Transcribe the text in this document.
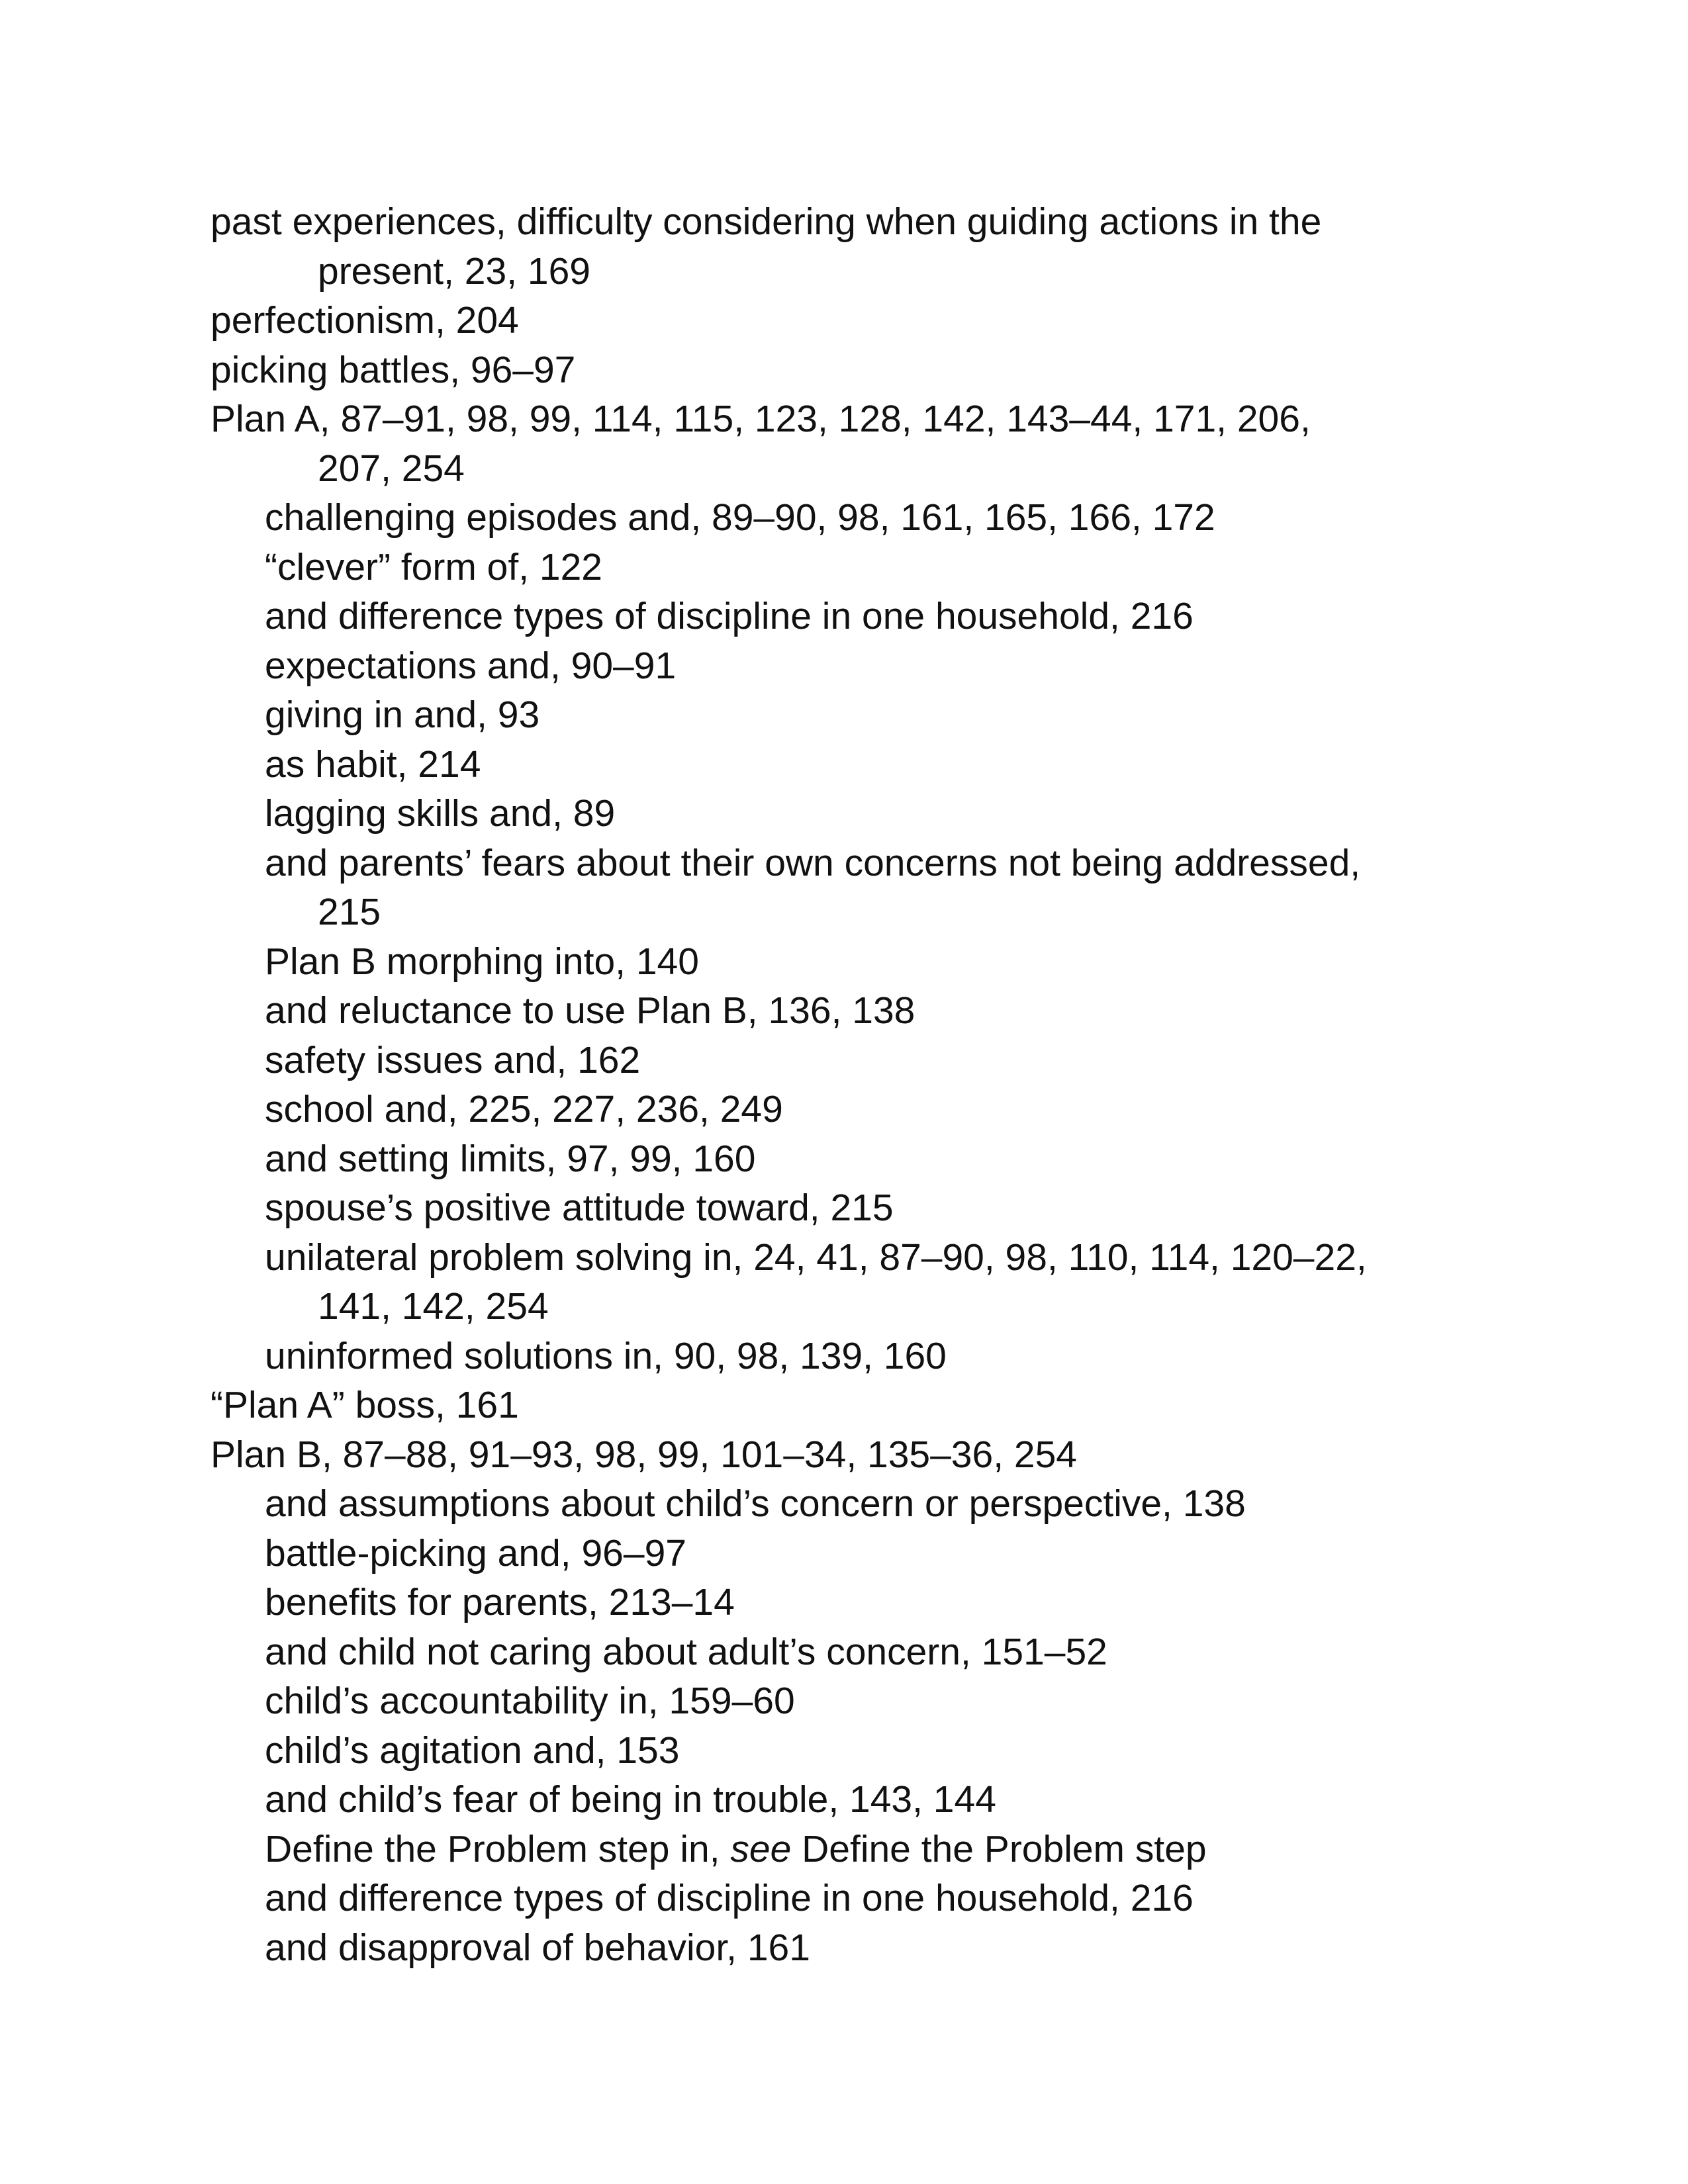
past experiences, difficulty considering when guiding actions in the
present, 23, 169

perfectionism, 204

picking battles, 96–97

Plan A, 87–91, 98, 99, 114, 115, 123, 128, 142, 143–44, 171, 206,
207, 254

challenging episodes and, 89–90, 98, 161, 165, 166, 172

“clever” form of, 122

and difference types of discipline in one household, 216

expectations and, 90–91

giving in and, 93

as habit, 214

lagging skills and, 89

and parents’ fears about their own concerns not being addressed,
215

Plan B morphing into, 140

and reluctance to use Plan B, 136, 138

safety issues and, 162

school and, 225, 227, 236, 249

and setting limits, 97, 99, 160

spouse’s positive attitude toward, 215

unilateral problem solving in, 24, 41, 87–90, 98, 110, 114, 120–22,
141, 142, 254

uninformed solutions in, 90, 98, 139, 160

“Plan A” boss, 161

Plan B, 87–88, 91–93, 98, 99, 101–34, 135–36, 254

and assumptions about child’s concern or perspective, 138

battle-picking and, 96–97

benefits for parents, 213–14

and child not caring about adult’s concern, 151–52

child’s accountability in, 159–60

child’s agitation and, 153

and child’s fear of being in trouble, 143, 144

Define the Problem step in, see Define the Problem step

and difference types of discipline in one household, 216

and disapproval of behavior, 161
